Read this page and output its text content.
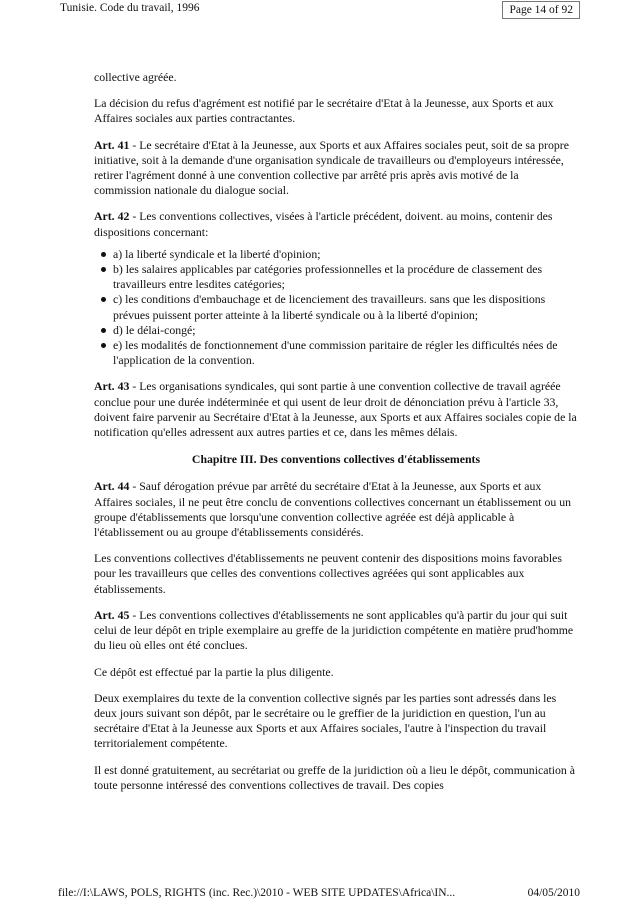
Tunisie. Code du travail, 1996	Page 14 of 92

collective agréée.

La décision du refus d'agrément est notifié par le secrétaire d'Etat à la Jeunesse, aux Sports et aux Affaires sociales aux parties contractantes.

Art. 41 - Le secrétaire d'Etat à la Jeunesse, aux Sports et aux Affaires sociales peut, soit de sa propre initiative, soit à la demande d'une organisation syndicale de travailleurs ou d'employeurs intéressée, retirer l'agrément donné à une convention collective par arrêté pris après avis motivé de la commission nationale du dialogue social.

Art. 42 - Les conventions collectives, visées à l'article précédent, doivent. au moins, contenir des dispositions concernant:

a) la liberté syndicale et la liberté d'opinion;
b) les salaires applicables par catégories professionnelles et la procédure de classement des travailleurs entre lesdites catégories;
c) les conditions d'embauchage et de licenciement des travailleurs. sans que les dispositions prévues puissent porter atteinte à la liberté syndicale ou à la liberté d'opinion;
d) le délai-congé;
e) les modalités de fonctionnement d'une commission paritaire de régler les difficultés nées de l'application de la convention.

Art. 43 - Les organisations syndicales, qui sont partie à une convention collective de travail agréée conclue pour une durée indéterminée et qui usent de leur droit de dénonciation prévu à l'article 33, doivent faire parvenir au Secrétaire d'Etat à la Jeunesse, aux Sports et aux Affaires sociales copie de la notification qu'elles adressent aux autres parties et ce, dans les mêmes délais.

Chapitre III. Des conventions collectives d'établissements

Art. 44 - Sauf dérogation prévue par arrêté du secrétaire d'Etat à la Jeunesse, aux Sports et aux Affaires sociales, il ne peut être conclu de conventions collectives concernant un établissement ou un groupe d'établissements que lorsqu'une convention collective agréée est déjà applicable à l'établissement ou au groupe d'établissements considérés.

Les conventions collectives d'établissements ne peuvent contenir des dispositions moins favorables pour les travailleurs que celles des conventions collectives agréées qui sont applicables aux établissements.

Art. 45 - Les conventions collectives d'établissements ne sont applicables qu'à partir du jour qui suit celui de leur dépôt en triple exemplaire au greffe de la juridiction compétente en matière prud'homme du lieu où elles ont été conclues.

Ce dépôt est effectué par la partie la plus diligente.

Deux exemplaires du texte de la convention collective signés par les parties sont adressés dans les deux jours suivant son dépôt, par le secrétaire ou le greffier de la juridiction en question, l'un au secrétaire d'Etat à la Jeunesse aux Sports et aux Affaires sociales, l'autre à l'inspection du travail territorialement compétente.

Il est donné gratuitement, au secrétariat ou greffe de la juridiction où a lieu le dépôt, communication à toute personne intéressé des conventions collectives de travail. Des copies

file://I:\LAWS, POLS, RIGHTS (inc. Rec.)\2010 - WEB SITE UPDATES\Africa\IN...	04/05/2010
